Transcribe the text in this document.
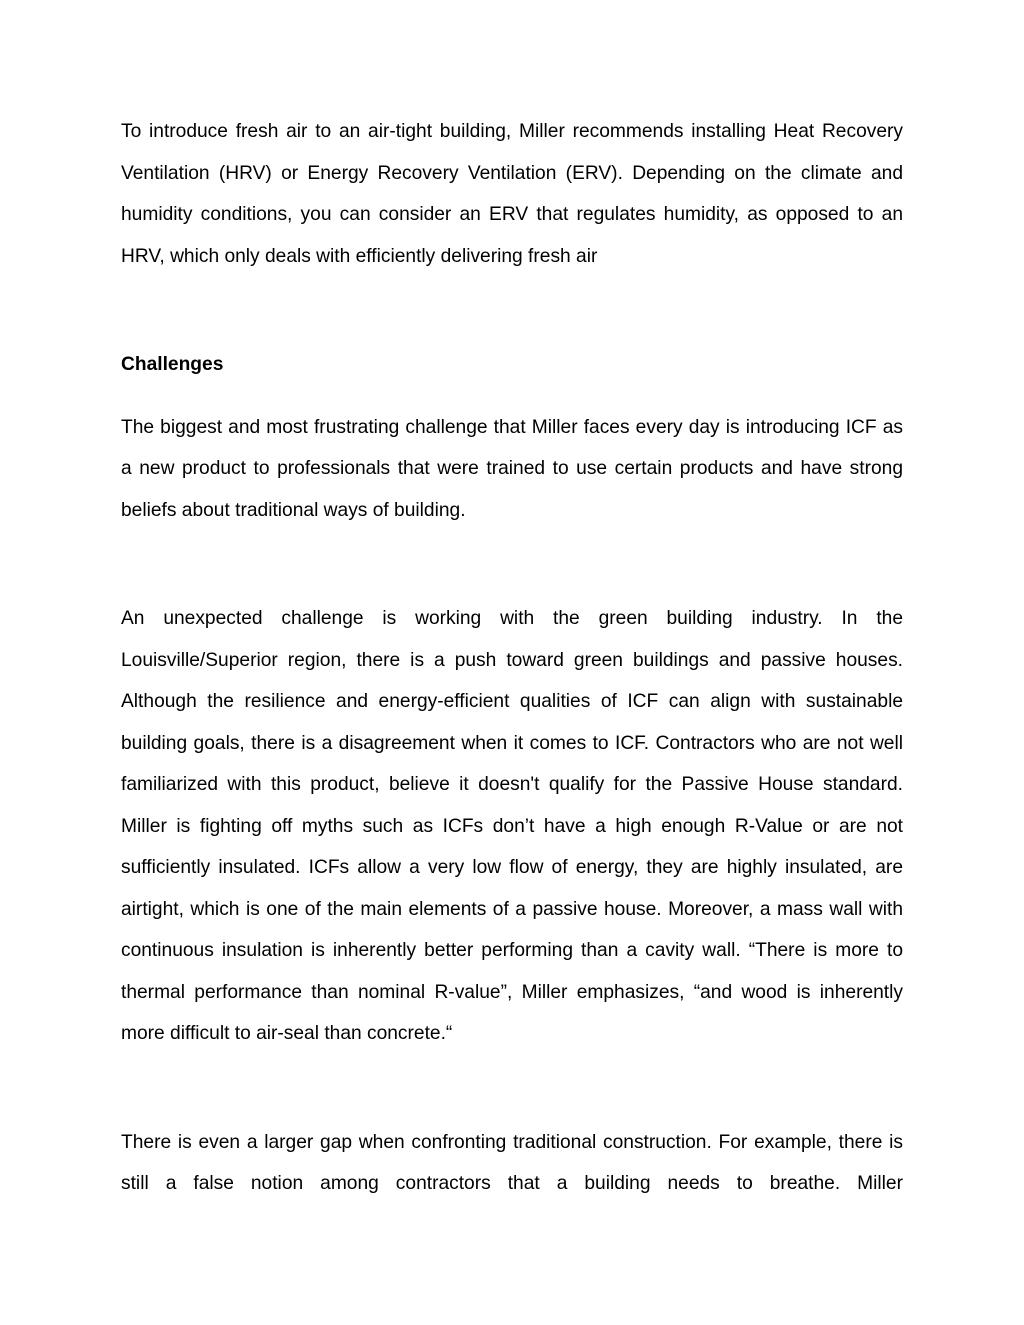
To introduce fresh air to an air-tight building, Miller recommends installing Heat Recovery Ventilation (HRV) or Energy Recovery Ventilation (ERV). Depending on the climate and humidity conditions, you can consider an ERV that regulates humidity, as opposed to an HRV, which only deals with efficiently delivering fresh air

Challenges

The biggest and most frustrating challenge that Miller faces every day is introducing ICF as a new product to professionals that were trained to use certain products and have strong beliefs about traditional ways of building.

An unexpected challenge is working with the green building industry. In the Louisville/Superior region, there is a push toward green buildings and passive houses. Although the resilience and energy-efficient qualities of ICF can align with sustainable building goals, there is a disagreement when it comes to ICF. Contractors who are not well familiarized with this product, believe it doesn't qualify for the Passive House standard. Miller is fighting off myths such as ICFs don’t have a high enough R-Value or are not sufficiently insulated. ICFs allow a very low flow of energy, they are highly insulated, are airtight, which is one of the main elements of a passive house. Moreover, a mass wall with continuous insulation is inherently better performing than a cavity wall. “There is more to thermal performance than nominal R-value”, Miller emphasizes, “and wood is inherently more difficult to air-seal than concrete.“

There is even a larger gap when confronting traditional construction. For example, there is still a false notion among contractors that a building needs to breathe. Miller
